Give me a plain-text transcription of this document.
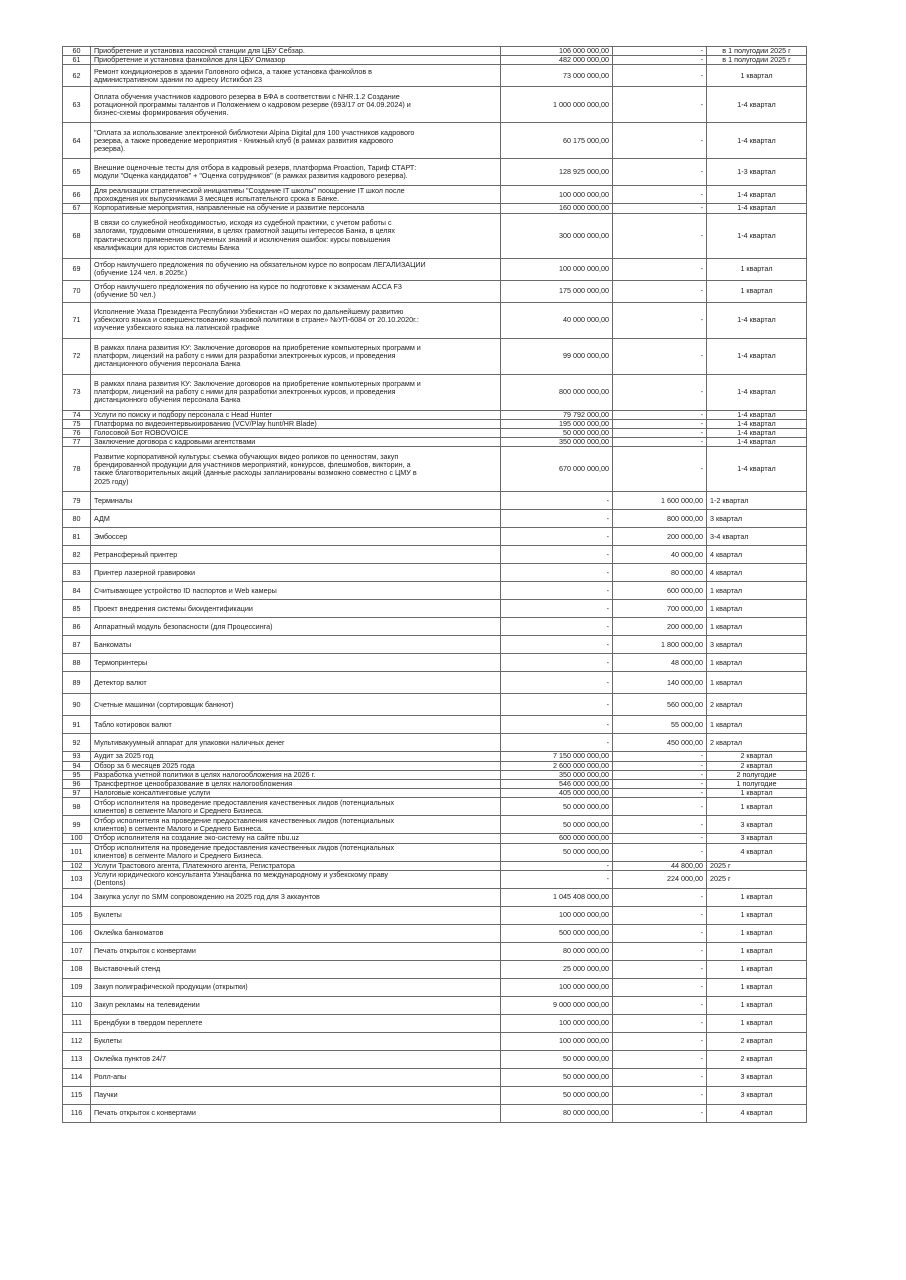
60	Приобретение и установка насосной станции для ЦБУ Себзар.	106 000 000,00	-	в 1 полугодии 2025 г
61	Приобретение и установка фанкойлов для ЦБУ Олмазор	482 000 000,00	-	в 1 полугодии 2025 г
62	Ремонт кондиционеров в здании Головного офиса, а также установка фанкойлов в
административном здании по адресу Истикбол 23	73 000 000,00	-	1 квартал
63	Оплата обучения участников кадрового резерва в БФА в соответствии с NHR.1.2 Создание
ротационной программы талантов и Положением о кадровом резерве (693/17 от 04.09.2024) и
бизнес-схемы формирования обучения.	1 000 000 000,00	-	1-4 квартал
64	"Оплата за использование электронной библиотеки Alpina Digital для 100 участников кадрового
резерва, а также проведение мероприятия - Книжный клуб (в рамках развития кадрового
резерва).	60 175 000,00	-	1-4 квартал
65	Внешние оценочные тесты для отбора в кадровый резерв, платформа Proaction, Тариф СТАРТ:
модули "Оценка кандидатов" + "Оценка сотрудников" (в рамках развития кадрового резерва).	128 925 000,00	-	1-3 квартал
66	Для реализации стратегической инициативы "Создание IT школы" поощрение IT школ после
прохождения их выпускниками 3 месяцев испытательного срока в Банке.	100 000 000,00	-	1-4 квартал
67	Корпоративные мероприятия, направленные на обучение и развитие персонала	160 000 000,00	-	1-4 квартал
68	В связи со служебной необходимостью, исходя из судебной практики, с учетом работы с
залогами, трудовыми отношениями, в целях грамотной защиты интересов Банка, в целях
практического применения полученных знаний и исключения ошибок: курсы повышения
квалификации для юристов системы Банка	300 000 000,00	-	1-4 квартал
69	Отбор наилучшего предложения по обучению на обязательном курсе по вопросам ЛЕГАЛИЗАЦИИ
(обучение 124 чел. в 2025г.)	100 000 000,00	-	1 квартал
70	Отбор наилучшего предложения по обучению на курсе по подготовке к экзаменам ACCA F3
(обучение 50 чел.)	175 000 000,00	-	1 квартал
71	Исполнение Указа Президента Республики Узбекистан «О мерах по дальнейшему развитию
узбекского языка и совершенствованию языковой политики в стране» №УП-6084 от 20.10.2020г.:
изучение узбекского языка на латинской графике	40 000 000,00	-	1-4 квартал
72	В рамках плана развития КУ: Заключение договоров на приобретение компьютерных программ и
платформ, лицензий на работу с ними для разработки электронных курсов, и проведения
дистанционного обучения персонала Банка	99 000 000,00	-	1-4 квартал
73	В рамках плана развития КУ: Заключение договоров на приобретение компьютерных программ и
платформ, лицензий на работу с ними для разработки электронных курсов, и проведения
дистанционного обучения персонала Банка	800 000 000,00	-	1-4 квартал
74	Услуги по поиску и подбору персонала с Head Hunter	79 792 000,00	-	1-4 квартал
75	Платформа по видеоинтервьюированию (VCV/Play hunt/HR Blade)	195 000 000,00	-	1-4 квартал
76	Голосовой Бот ROBOVOICE	50 000 000,00	-	1-4 квартал
77	Заключение договора с кадровыми агентствами	350 000 000,00	-	1-4 квартал
78	Развитие корпоративной культуры: съемка обучающих видео роликов по ценностям, закуп
брендированной продукции для участников мероприятий, конкурсов, флешмобов, викторин, а
также благотворительных акций (данные расходы запланированы возможно совместно с ЦМУ в
2025 году)	670 000 000,00	-	1-4 квартал
79	Терминалы	-	1 600 000,00	1-2 квартал
80	АДМ	-	800 000,00	3 квартал
81	Эмбоссер	-	200 000,00	3-4 квартал
82	Ретрансферный принтер	-	40 000,00	4 квартал
83	Принтер лазерной гравировки	-	80 000,00	4 квартал
84	Считывающее устройство ID паспортов и Web камеры	-	600 000,00	1 квартал
85	Проект внедрения системы биоидентификации	-	700 000,00	1 квартал
86	Аппаратный модуль безопасности (для Процессинга)	-	200 000,00	1 квартал
87	Банкоматы	-	1 800 000,00	3 квартал
88	Термопринтеры	-	48 000,00	1 квартал
89	Детектор валют	-	140 000,00	1 квартал
90	Счетные машинки (сортировщик банкнот)	-	560 000,00	2 квартал
91	Табло котировок валют	-	55 000,00	1 квартал
92	Мультивакуумный аппарат для упаковки наличных денег	-	450 000,00	2 квартал
93	Аудит за 2025 год	7 150 000 000,00	-	2 квартал
94	Обзор за 6 месяцев 2025 года	2 600 000 000,00	-	2 квартал
95	Разработка учетной политики в целях налогообложения на 2026 г.	350 000 000,00	-	2 полугодие
96	Трансфертное ценообразование в целях налогообложения	546 000 000,00	-	1 полугодие
97	Налоговые консалтинговые услуги	405 000 000,00	-	1 квартал
98	Отбор исполнителя на проведение предоставления качественных лидов (потенциальных
клиентов) в сегменте Малого и Среднего Бизнеса.	50 000 000,00	-	1 квартал
99	Отбор исполнителя на проведение предоставления качественных лидов (потенциальных
клиентов) в сегменте Малого и Среднего Бизнеса.	50 000 000,00	-	3 квартал
100	Отбор исполнителя на создание эко-систему на сайте nbu.uz	600 000 000,00	-	3 квартал
101	Отбор исполнителя на проведение предоставления качественных лидов (потенциальных
клиентов) в сегменте Малого и Среднего Бизнеса.	50 000 000,00	-	4 квартал
102	Услуги Трастового агента, Платежного агента, Регистратора	-	44 800,00	2025 г
103	Услуги юридического консультанта Узнацбанка по международному и узбекскому праву
(Dentons)	-	224 000,00	2025 г
104	Закупка услуг по SMM сопровождению на 2025 год для 3 аккаунтов	1 045 408 000,00	-	1 квартал
105	Буклеты	100 000 000,00	-	1 квартал
106	Оклейка банкоматов	500 000 000,00	-	1 квартал
107	Печать открыток с конвертами	80 000 000,00	-	1 квартал
108	Выставочный стенд	25 000 000,00	-	1 квартал
109	Закуп полиграфической продукции (открытки)	100 000 000,00	-	1 квартал
110	Закуп рекламы на телевидении	9 000 000 000,00	-	1 квартал
111	Брендбуки в твердом переплете	100 000 000,00	-	1 квартал
112	Буклеты	100 000 000,00	-	2 квартал
113	Оклейка пунктов 24/7	50 000 000,00	-	2 квартал
114	Ролл-апы	50 000 000,00	-	3 квартал
115	Паучки	50 000 000,00	-	3 квартал
116	Печать открыток с конвертами	80 000 000,00	-	4 квартал
